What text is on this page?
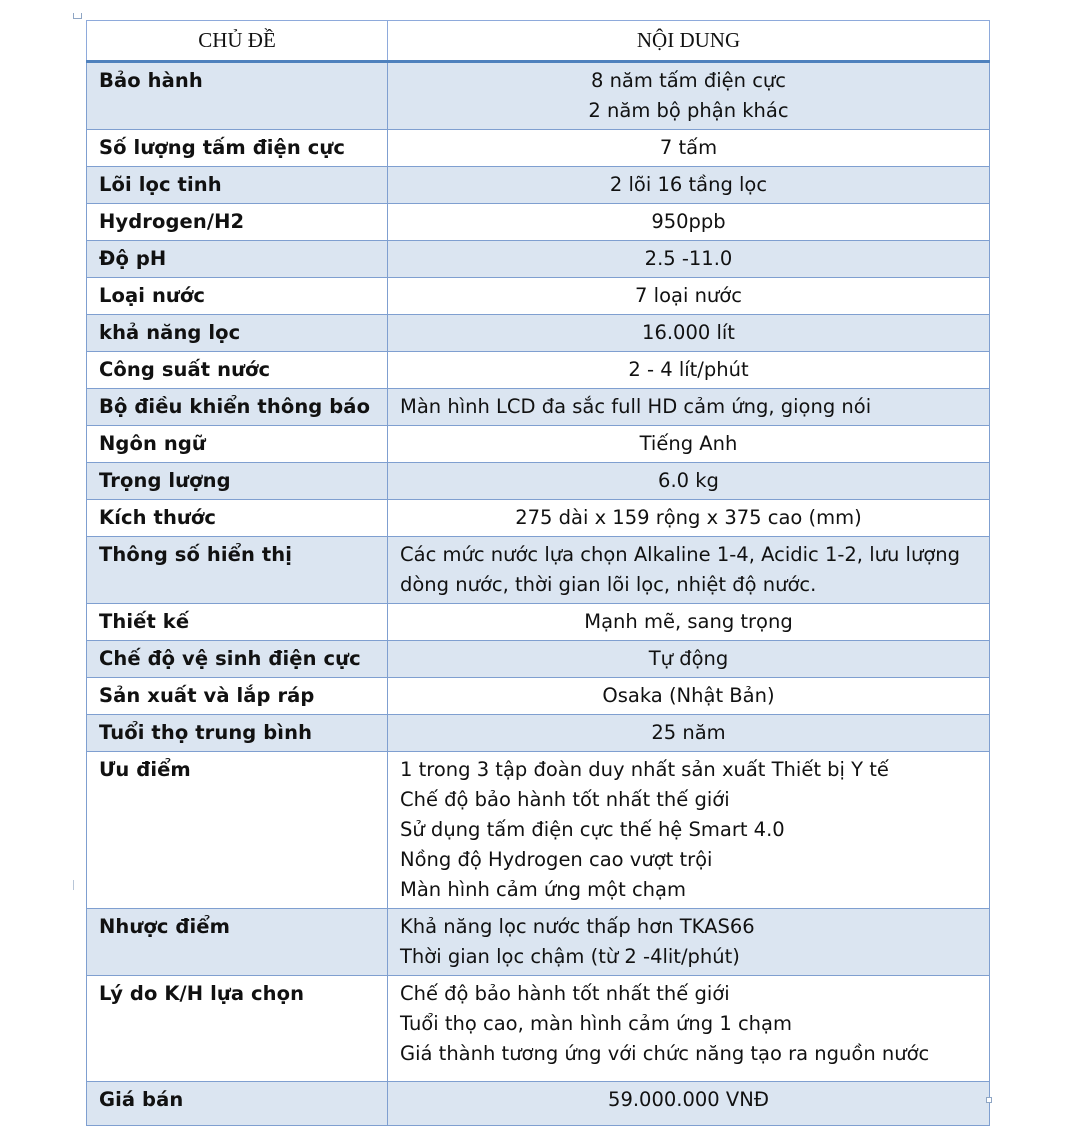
CHỦ ĐỀ	NỘI DUNG
Bảo hành	8 năm tấm điện cực
2 năm bộ phận khác

Số lượng tấm điện cực	7 tấm

Lõi lọc tinh	2 lõi 16 tầng lọc

Hydrogen/H2	950ppb

Độ pH	2.5 -11.0

Loại nước	7 loại nước

khả năng lọc	16.000 lít

Công suất nước	2 - 4 lít/phút

Bộ điều khiển thông báo	Màn hình LCD đa sắc full HD cảm ứng, giọng nói

Ngôn ngữ	Tiếng Anh

Trọng lượng	6.0 kg

Kích thước	275 dài x 159 rộng x 375 cao (mm)

Thông số hiển thị	Các mức nước lựa chọn Alkaline 1-4, Acidic 1-2, lưu lượng dòng nước, thời gian lõi lọc, nhiệt độ nước.

Thiết kế	Mạnh mẽ, sang trọng

Chế độ vệ sinh điện cực	Tự động

Sản xuất và lắp ráp	Osaka (Nhật Bản)

Tuổi thọ trung bình	25 năm

Ưu điểm	1 trong 3 tập đoàn duy nhất sản xuất Thiết bị Y tế
Chế độ bảo hành tốt nhất thế giới
Sử dụng tấm điện cực thế hệ Smart 4.0
Nồng độ Hydrogen cao vượt trội
Màn hình cảm ứng một chạm

Nhược điểm	Khả năng lọc nước thấp hơn TKAS66
Thời gian lọc chậm (từ 2 -4lit/phút)

Lý do K/H lựa chọn	Chế độ bảo hành tốt nhất thế giới
Tuổi thọ cao, màn hình cảm ứng 1 chạm
Giá thành tương ứng với chức năng tạo ra nguồn nước

Giá bán	59.000.000 VNĐ
